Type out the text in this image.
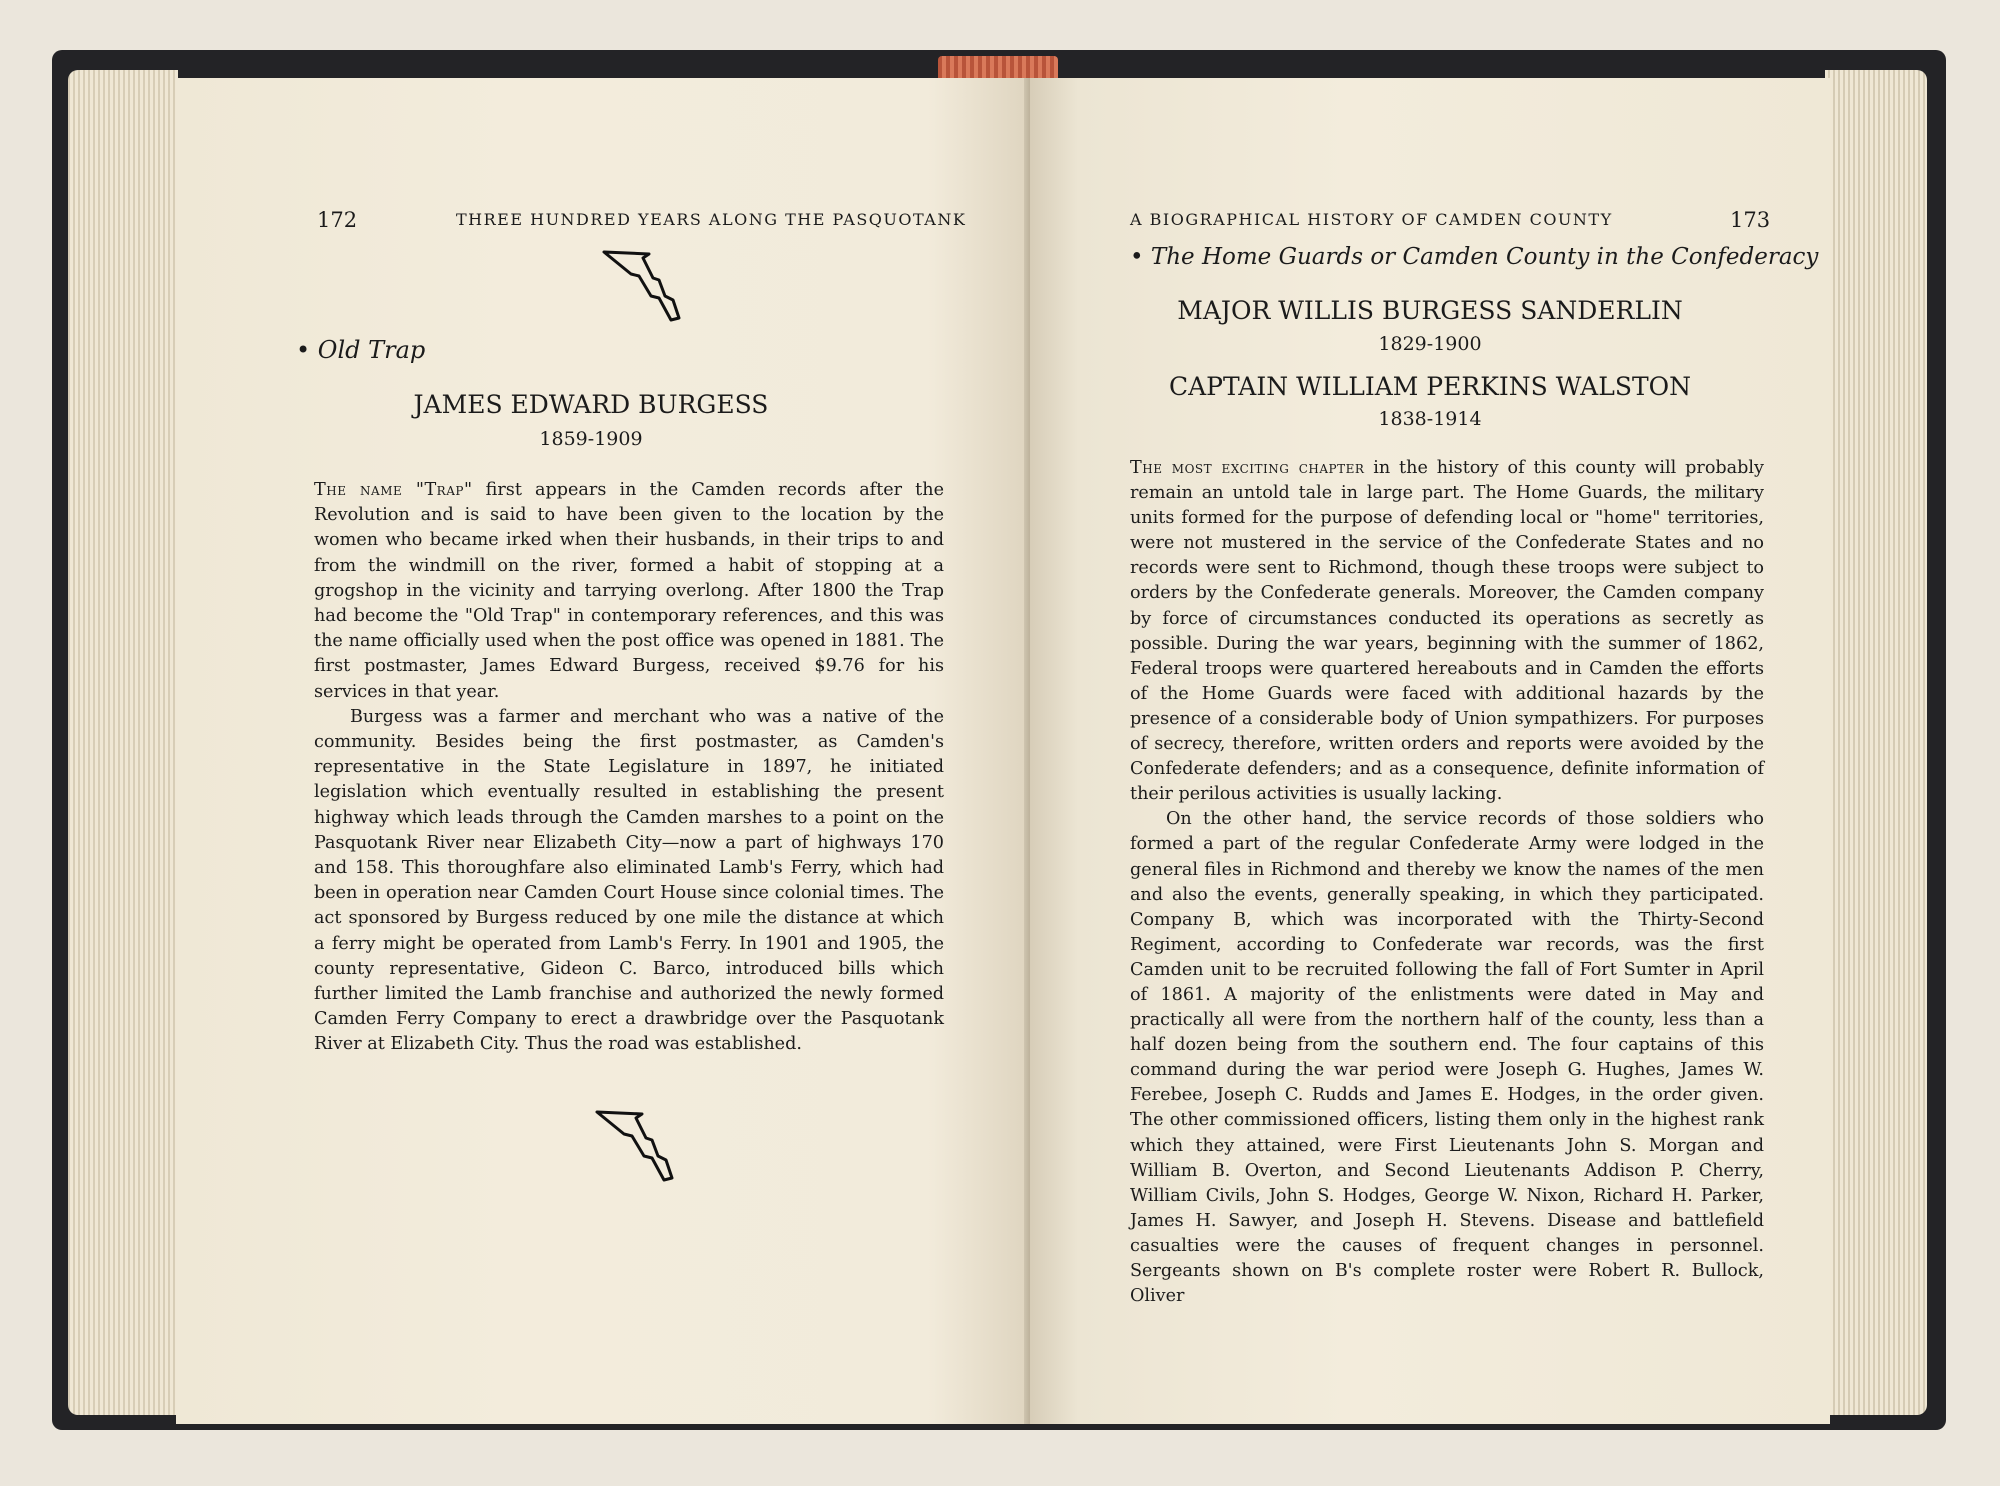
172	THREE HUNDRED YEARS ALONG THE PASQUOTANK
• Old Trap
JAMES EDWARD BURGESS
1859-1909

The name "Trap" first appears in the Camden records after the Revolution and is said to have been given to the location by the women who became irked when their husbands, in their trips to and from the windmill on the river, formed a habit of stopping at a grogshop in the vicinity and tarrying overlong. After 1800 the Trap had become the "Old Trap" in contemporary references, and this was the name officially used when the post office was opened in 1881. The first postmaster, James Edward Burgess, received $9.76 for his services in that year.

Burgess was a farmer and merchant who was a native of the community. Besides being the first postmaster, as Camden's representative in the State Legislature in 1897, he initiated legislation which eventually resulted in establishing the present highway which leads through the Camden marshes to a point on the Pasquotank River near Elizabeth City—now a part of highways 170 and 158. This thoroughfare also eliminated Lamb's Ferry, which had been in operation near Camden Court House since colonial times. The act sponsored by Burgess reduced by one mile the distance at which a ferry might be operated from Lamb's Ferry. In 1901 and 1905, the county representative, Gideon C. Barco, introduced bills which further limited the Lamb franchise and authorized the newly formed Camden Ferry Company to erect a drawbridge over the Pasquotank River at Elizabeth City. Thus the road was established.

A BIOGRAPHICAL HISTORY OF CAMDEN COUNTY	173
• The Home Guards or Camden County in the Confederacy
MAJOR WILLIS BURGESS SANDERLIN
1829-1900
CAPTAIN WILLIAM PERKINS WALSTON
1838-1914

The most exciting chapter in the history of this county will probably remain an untold tale in large part. The Home Guards, the military units formed for the purpose of defending local or "home" territories, were not mustered in the service of the Confederate States and no records were sent to Richmond, though these troops were subject to orders by the Confederate generals. Moreover, the Camden company by force of circumstances conducted its operations as secretly as possible. During the war years, beginning with the summer of 1862, Federal troops were quartered hereabouts and in Camden the efforts of the Home Guards were faced with additional hazards by the presence of a considerable body of Union sympathizers. For purposes of secrecy, therefore, written orders and reports were avoided by the Confederate defenders; and as a consequence, definite information of their perilous activities is usually lacking.

On the other hand, the service records of those soldiers who formed a part of the regular Confederate Army were lodged in the general files in Richmond and thereby we know the names of the men and also the events, generally speaking, in which they participated. Company B, which was incorporated with the Thirty-Second Regiment, according to Confederate war records, was the first Camden unit to be recruited following the fall of Fort Sumter in April of 1861. A majority of the enlistments were dated in May and practically all were from the northern half of the county, less than a half dozen being from the southern end. The four captains of this command during the war period were Joseph G. Hughes, James W. Ferebee, Joseph C. Rudds and James E. Hodges, in the order given. The other commissioned officers, listing them only in the highest rank which they attained, were First Lieutenants John S. Morgan and William B. Overton, and Second Lieutenants Addison P. Cherry, William Civils, John S. Hodges, George W. Nixon, Richard H. Parker, James H. Sawyer, and Joseph H. Stevens. Disease and battlefield casualties were the causes of frequent changes in personnel. Sergeants shown on B's complete roster were Robert R. Bullock, Oliver
